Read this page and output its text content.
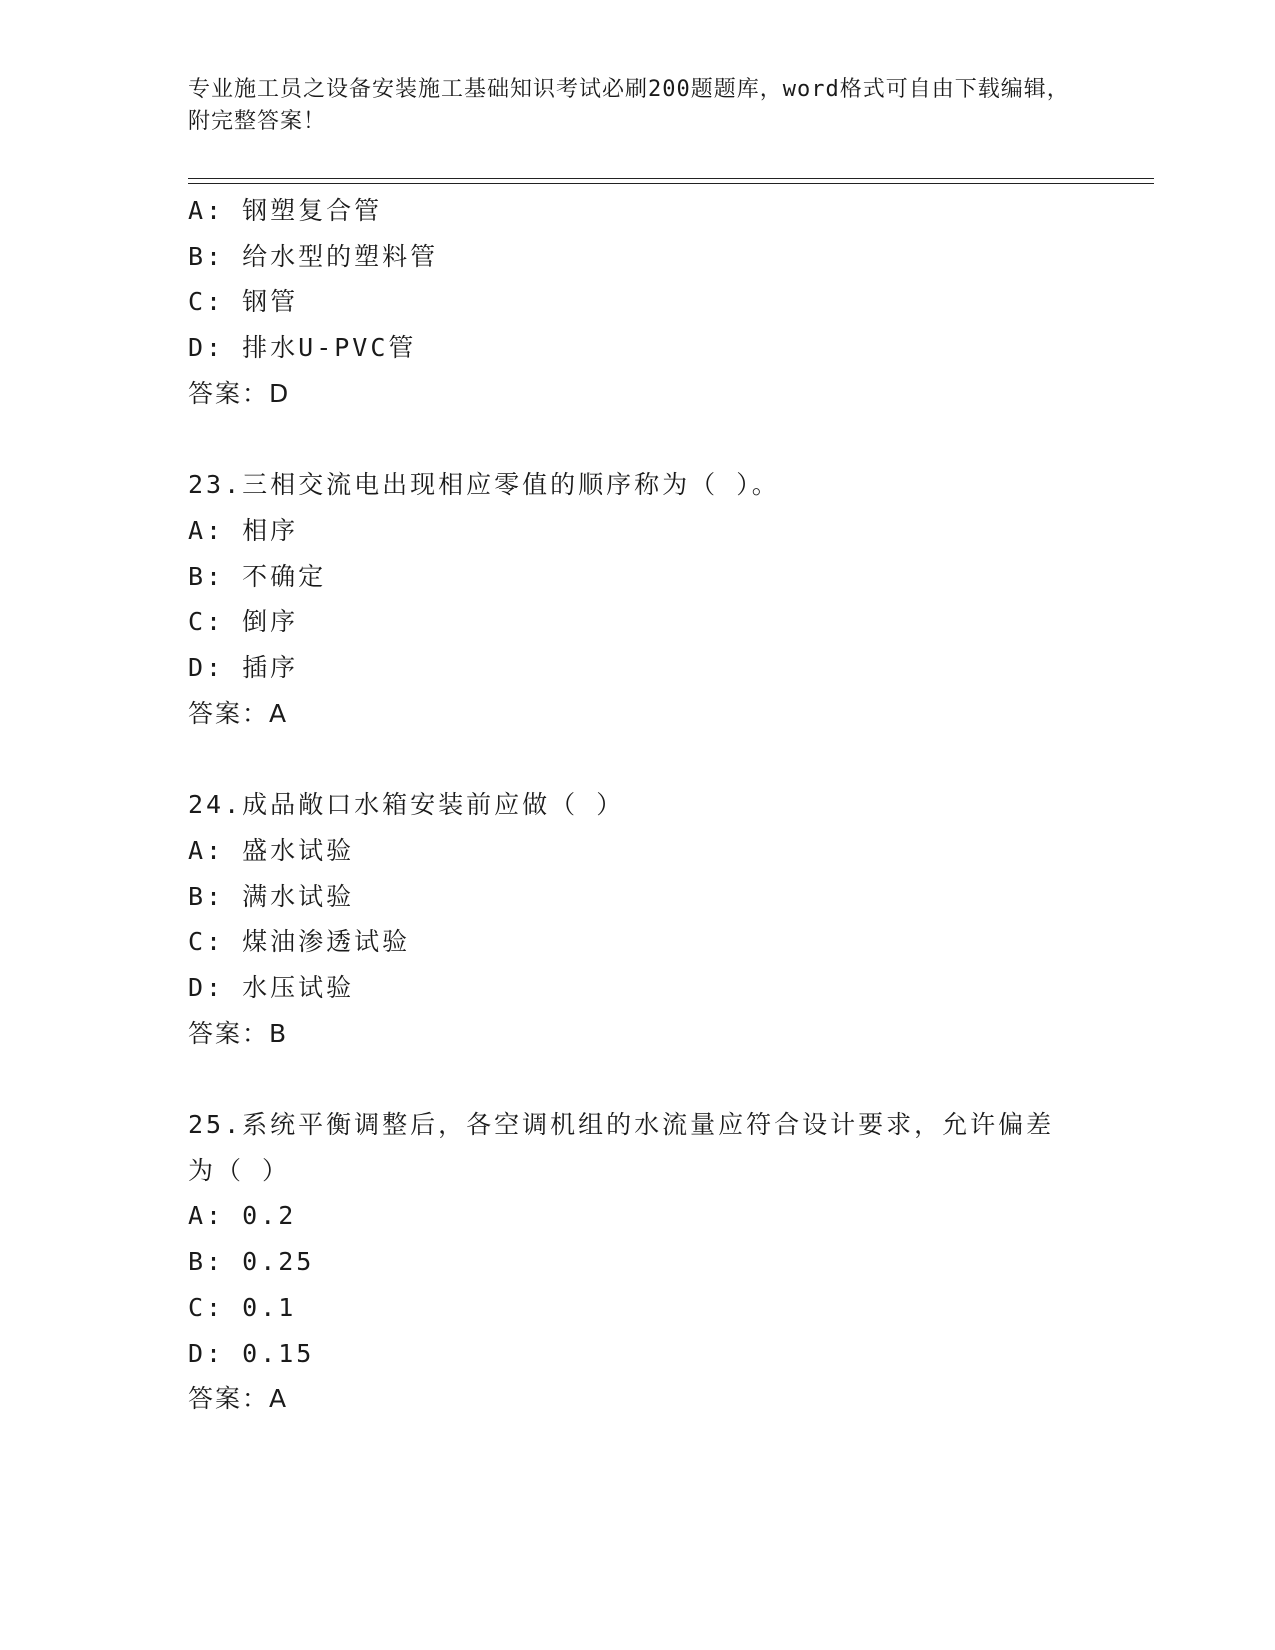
专业施工员之设备安装施工基础知识考试必刷200题题库，word格式可自由下载编辑，附完整答案！
A: 钢塑复合管
B: 给水型的塑料管
C: 钢管
D: 排水U-PVC管
答案：D
23.三相交流电出现相应零值的顺序称为（ ）。
A: 相序
B: 不确定
C: 倒序
D: 插序
答案：A
24.成品敞口水箱安装前应做（ ）
A: 盛水试验
B: 满水试验
C: 煤油渗透试验
D: 水压试验
答案：B
25.系统平衡调整后，各空调机组的水流量应符合设计要求，允许偏差为（ ）
A: 0.2
B: 0.25
C: 0.1
D: 0.15
答案：A
